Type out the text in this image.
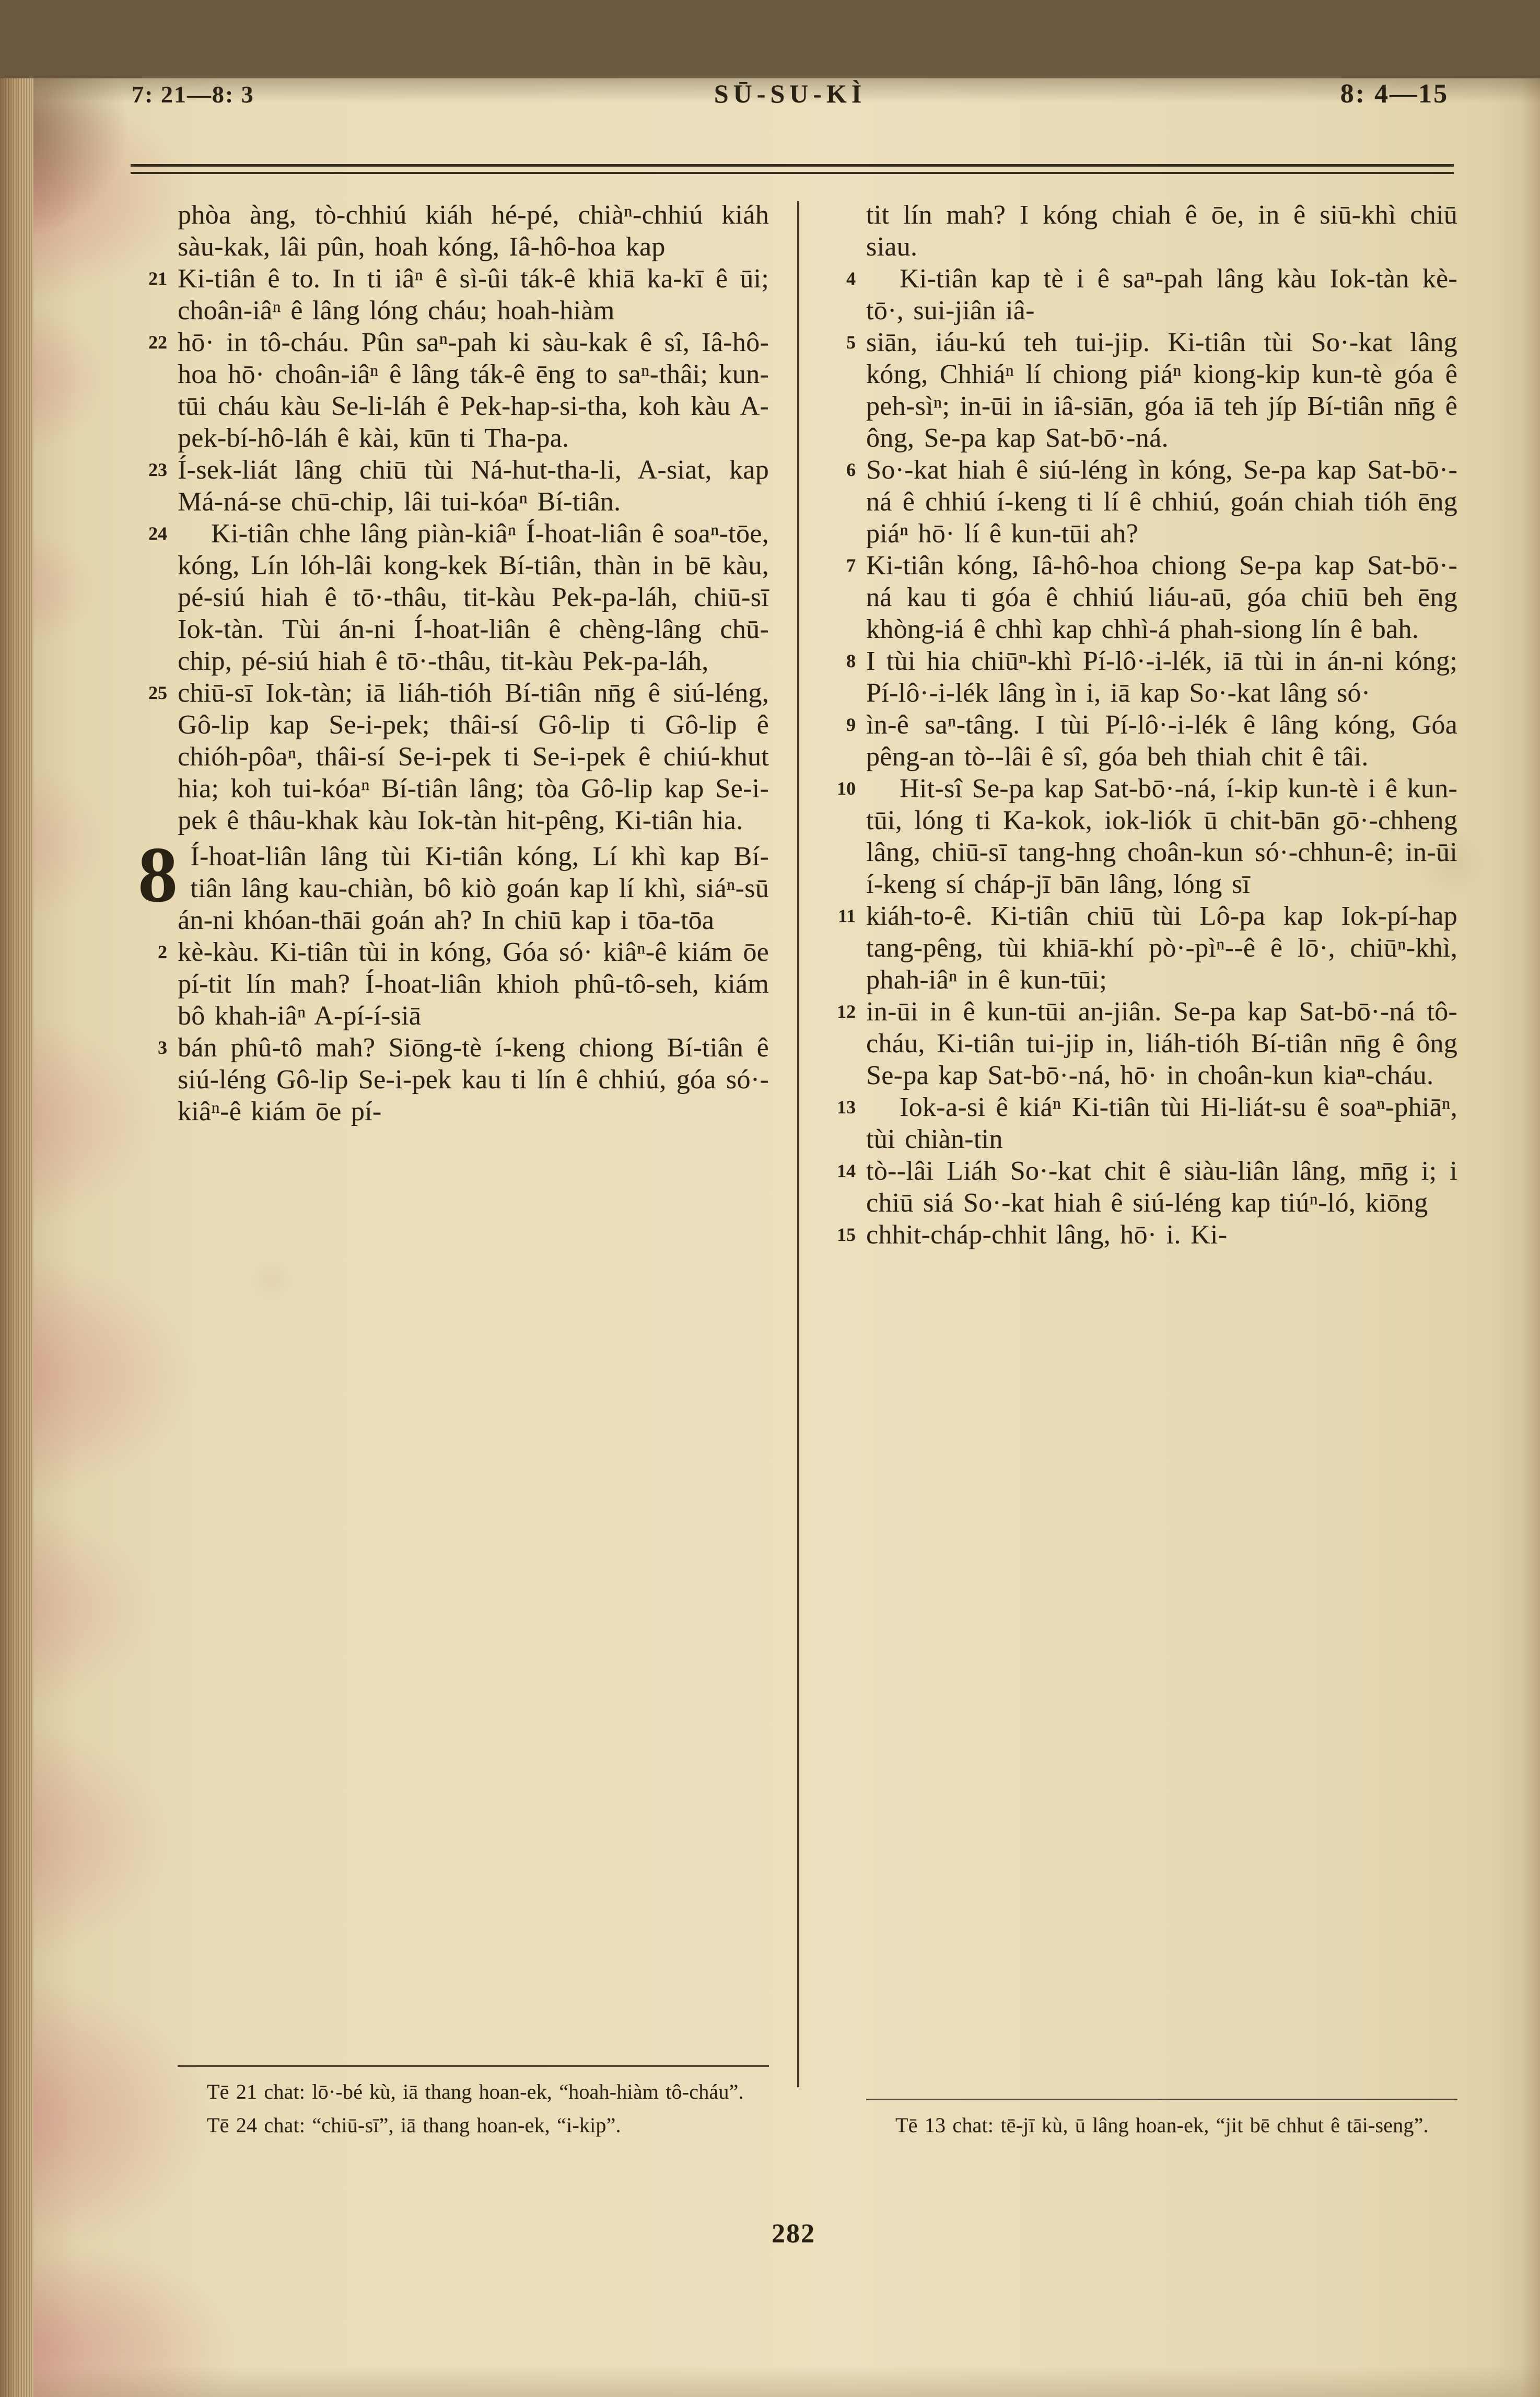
7: 21—8: 3	SŪ-SU-KÌ	8: 4—15

phòa àng, tò-chhiú kiáh hé-pé, chiàⁿ-chhiú kiáh sàu-kak, lâi pûn, hoah kóng, Iâ-hô-hoa kap

21 Ki-tiân ê to. In ti iâⁿ ê sì-ûi ták-ê khiā ka-kī ê ūi; choân-iâⁿ ê lâng lóng cháu; hoah-hiàm

22 hō· in tô-cháu. Pûn saⁿ-pah ki sàu-kak ê sî, Iâ-hô-hoa hō· choân-iâⁿ ê lâng ták-ê ēng to saⁿ-thâi; kun-tūi cháu kàu Se-li-láh ê Pek-hap-si-tha, koh kàu A-pek-bí-hô-láh ê kài, kūn ti Tha-pa.

23 Í-sek-liát lâng chiū tùi Ná-hut-tha-li, A-siat, kap Má-ná-se chū-chip, lâi tui-kóaⁿ Bí-tiân.

24 Ki-tiân chhe lâng piàn-kiâⁿ Í-hoat-liân ê soaⁿ-tōe, kóng, Lín lóh-lâi kong-kek Bí-tiân, thàn in bē kàu, pé-siú hiah ê tō·-thâu, tit-kàu Pek-pa-láh, chiū-sī Iok-tàn. Tùi án-ni Í-hoat-liân ê chèng-lâng chū-chip, pé-siú hiah ê tō·-thâu, tit-kàu Pek-pa-láh,

25 chiū-sī Iok-tàn; iā liáh-tióh Bí-tiân nn̄g ê siú-léng, Gô-lip kap Se-i-pek; thâi-sí Gô-lip ti Gô-lip ê chióh-pôaⁿ, thâi-sí Se-i-pek ti Se-i-pek ê chiú-khut hia; koh tui-kóaⁿ Bí-tiân lâng; tòa Gô-lip kap Se-i-pek ê thâu-khak kàu Iok-tàn hit-pêng, Ki-tiân hia.

8 Í-hoat-liân lâng tùi Ki-tiân kóng, Lí khì kap Bí-tiân lâng kau-chiàn, bô kiò goán kap lí khì, siáⁿ-sū án-ni khóan-thāi goán ah? In chiū kap i tōa-tōa

2 kè-kàu. Ki-tiân tùi in kóng, Góa só· kiâⁿ-ê kiám ōe pí-tit lín mah? Í-hoat-liân khioh phû-tô-seh, kiám bô khah-iâⁿ A-pí-í-siā

3 bán phû-tô mah? Siōng-tè í-keng chiong Bí-tiân ê siú-léng Gô-lip Se-i-pek kau ti lín ê chhiú, góa só·-kiâⁿ-ê kiám ōe pí-

Tē 21 chat: lō·-bé kù, iā thang hoan-ek, “hoah-hiàm tô-cháu”.

Tē 24 chat: “chiū-sī”, iā thang hoan-ek, “i-kip”.

tit lín mah? I kóng chiah ê ōe, in ê siū-khì chiū siau.

4 Ki-tiân kap tè i ê saⁿ-pah lâng kàu Iok-tàn kè-tō·, sui-jiân iâ-

5 siān, iáu-kú teh tui-jip. Ki-tiân tùi So·-kat lâng kóng, Chhiáⁿ lí chiong piáⁿ kiong-kip kun-tè góa ê peh-sìⁿ; in-ūi in iâ-siān, góa iā teh jíp Bí-tiân nn̄g ê ông, Se-pa kap Sat-bō·-ná.

6 So·-kat hiah ê siú-léng ìn kóng, Se-pa kap Sat-bō·-ná ê chhiú í-keng ti lí ê chhiú, goán chiah tióh ēng piáⁿ hō· lí ê kun-tūi ah?

7 Ki-tiân kóng, Iâ-hô-hoa chiong Se-pa kap Sat-bō·-ná kau ti góa ê chhiú liáu-aū, góa chiū beh ēng khòng-iá ê chhì kap chhì-á phah-siong lín ê bah.

8 I tùi hia chiūⁿ-khì Pí-lô·-i-lék, iā tùi in án-ni kóng; Pí-lô·-i-lék lâng ìn i, iā kap So·-kat lâng só·

9 ìn-ê saⁿ-tâng. I tùi Pí-lô·-i-lék ê lâng kóng, Góa pêng-an tò--lâi ê sî, góa beh thiah chit ê tâi.

10 Hit-sî Se-pa kap Sat-bō·-ná, í-kip kun-tè i ê kun-tūi, lóng ti Ka-kok, iok-liók ū chit-bān gō·-chheng lâng, chiū-sī tang-hng choân-kun só·-chhun-ê; in-ūi í-keng sí cháp-jī bān lâng, lóng sī

11 kiáh-to-ê. Ki-tiân chiū tùi Lô-pa kap Iok-pí-hap tang-pêng, tùi khiā-khí pò·-pìⁿ--ê ê lō·, chiūⁿ-khì, phah-iâⁿ in ê kun-tūi;

12 in-ūi in ê kun-tūi an-jiân. Se-pa kap Sat-bō·-ná tô-cháu, Ki-tiân tui-jip in, liáh-tióh Bí-tiân nn̄g ê ông Se-pa kap Sat-bō·-ná, hō· in choân-kun kiaⁿ-cháu.

13 Iok-a-si ê kiáⁿ Ki-tiân tùi Hi-liát-su ê soaⁿ-phiāⁿ, tùi chiàn-tin

14 tò--lâi Liáh So·-kat chit ê siàu-liân lâng, mn̄g i; i chiū siá So·-kat hiah ê siú-léng kap tiúⁿ-ló, kiōng

15 chhit-cháp-chhit lâng, hō· i. Ki-

Tē 13 chat: tē-jī kù, ū lâng hoan-ek, “jit bē chhut ê tāi-seng”.

282
